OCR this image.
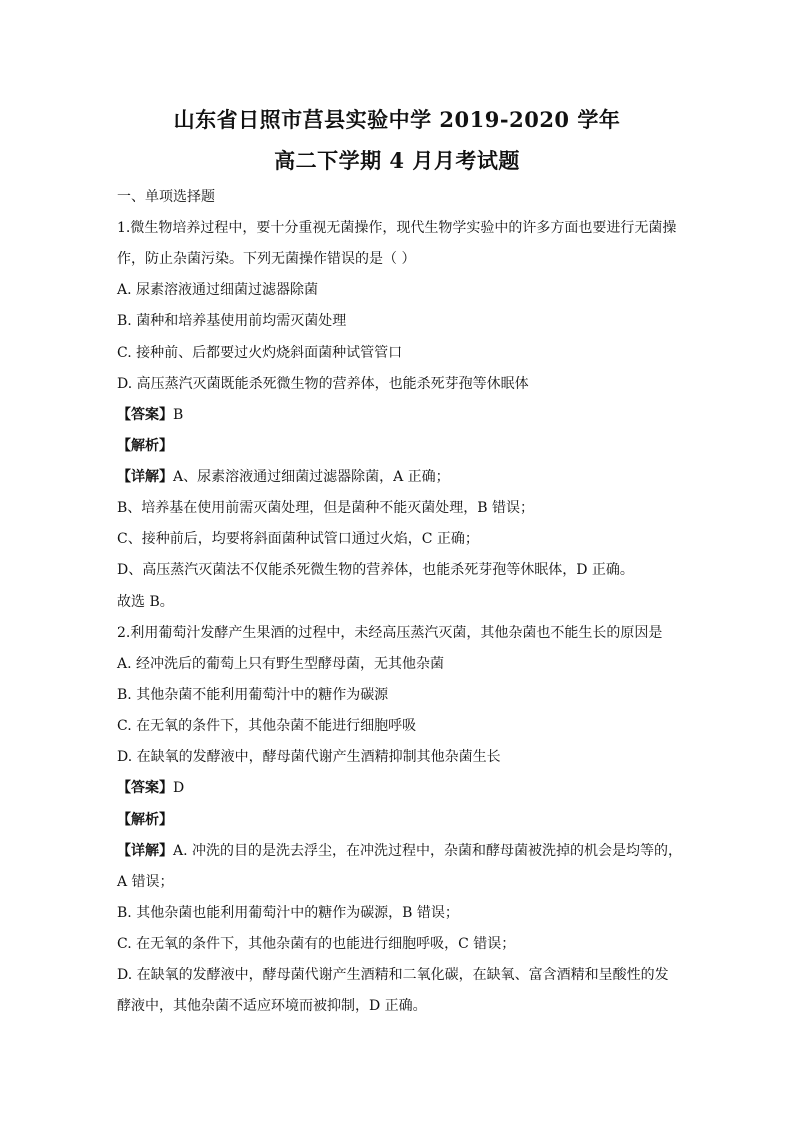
山东省日照市莒县实验中学 2019-2020 学年
高二下学期 4 月月考试题
一、单项选择题
1.微生物培养过程中，要十分重视无菌操作，现代生物学实验中的许多方面也要进行无菌操
作，防止杂菌污染。下列无菌操作错误的是（ ）
A. 尿素溶液通过细菌过滤器除菌
B. 菌种和培养基使用前均需灭菌处理
C. 接种前、后都要过火灼烧斜面菌种试管管口
D. 高压蒸汽灭菌既能杀死微生物的营养体，也能杀死芽孢等休眠体
【答案】B
【解析】
【详解】A、尿素溶液通过细菌过滤器除菌，A 正确；
B、培养基在使用前需灭菌处理，但是菌种不能灭菌处理，B 错误；
C、接种前后，均要将斜面菌种试管口通过火焰，C 正确；
D、高压蒸汽灭菌法不仅能杀死微生物的营养体，也能杀死芽孢等休眠体，D 正确。
故选 B。
2.利用葡萄汁发酵产生果酒的过程中，未经高压蒸汽灭菌，其他杂菌也不能生长的原因是
A. 经冲洗后的葡萄上只有野生型酵母菌，无其他杂菌
B. 其他杂菌不能利用葡萄汁中的糖作为碳源
C. 在无氧的条件下，其他杂菌不能进行细胞呼吸
D. 在缺氧的发酵液中，酵母菌代谢产生酒精抑制其他杂菌生长
【答案】D
【解析】
【详解】A. 冲洗的目的是洗去浮尘，在冲洗过程中，杂菌和酵母菌被洗掉的机会是均等的，
A 错误；
B. 其他杂菌也能利用葡萄汁中的糖作为碳源，B 错误；
C. 在无氧的条件下，其他杂菌有的也能进行细胞呼吸，C 错误；
D. 在缺氧的发酵液中，酵母菌代谢产生酒精和二氧化碳，在缺氧、富含酒精和呈酸性的发
酵液中，其他杂菌不适应环境而被抑制，D 正确。
